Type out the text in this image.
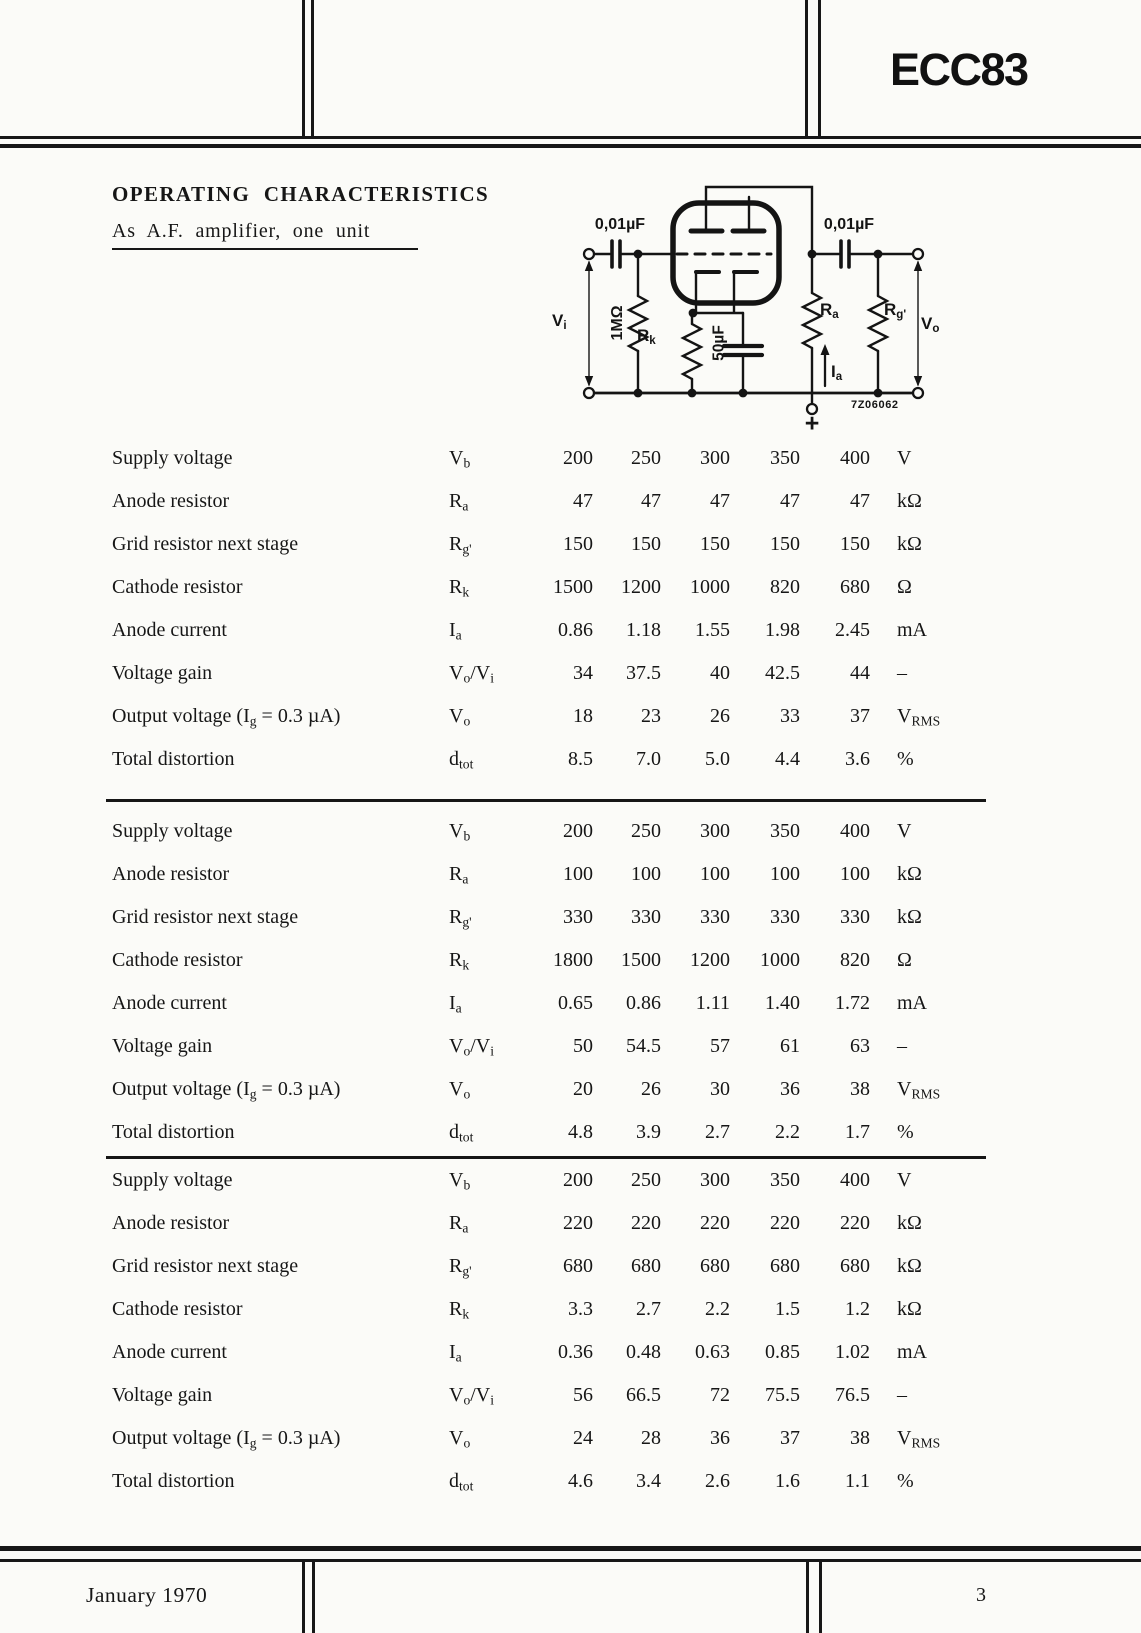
ECC83
OPERATING CHARACTERISTICS
As A.F. amplifier, one unit	0,01µF	0,01µF
1MΩ $R_k$	50µF
$R_a$	$R_{g'}$
$V_i$	$V_o$
$I_a$
+
7Z06062
Supply voltage	$V_b$	200	250	300	350	400 V
Anode resistor	$R_a$	47	47	47	47	47 kΩ
Grid resistor next stage	$R_{g'}$	150	150	150	150	150 kΩ
Cathode resistor	$R_k$	1500	1200	1000	820	680 Ω
Anode current	$I_a$	0.86	1.18	1.55	1.98	2.45 mA
Voltage gain	$V_o/V_i$	34	37.5	40	42.5	44 –
Output voltage ($I_g = 0.3$ µA)	$V_o$	18	23	26	33	37 $V_{RMS}$
Total distortion	$d_{tot}$	8.5	7.0	5.0	4.4	3.6 %
Supply voltage	$V_b$	200	250	300	350	400 V
Anode resistor	$R_a$	100	100	100	100	100 kΩ
Grid resistor next stage	$R_{g'}$	330	330	330	330	330 kΩ
Cathode resistor	$R_k$	1800	1500	1200	1000	820 Ω
Anode current	$I_a$	0.65	0.86	1.11	1.40	1.72 mA
Voltage gain	$V_o/V_i$	50	54.5	57	61	63 –
Output voltage ($I_g = 0.3$ µA)	$V_o$	20	26	30	36	38 $V_{RMS}$
Total distortion	$d_{tot}$	4.8	3.9	2.7	2.2	1.7 %
Supply voltage	$V_b$	200	250	300	350	400 V
Anode resistor	$R_a$	220	220	220	220	220 kΩ
Grid resistor next stage	$R_{g'}$	680	680	680	680	680 kΩ
Cathode resistor	$R_k$	3.3	2.7	2.2	1.5	1.2 kΩ
Anode current	$I_a$	0.36	0.48	0.63	0.85	1.02 mA
Voltage gain	$V_o/V_i$	56	66.5	72	75.5	76.5 –
Output voltage ($I_g = 0.3$ µA)	$V_o$	24	28	36	37	38 $V_{RMS}$
Total distortion	$d_{tot}$	4.6	3.4	2.6	1.6	1.1 %
January 1970	3
